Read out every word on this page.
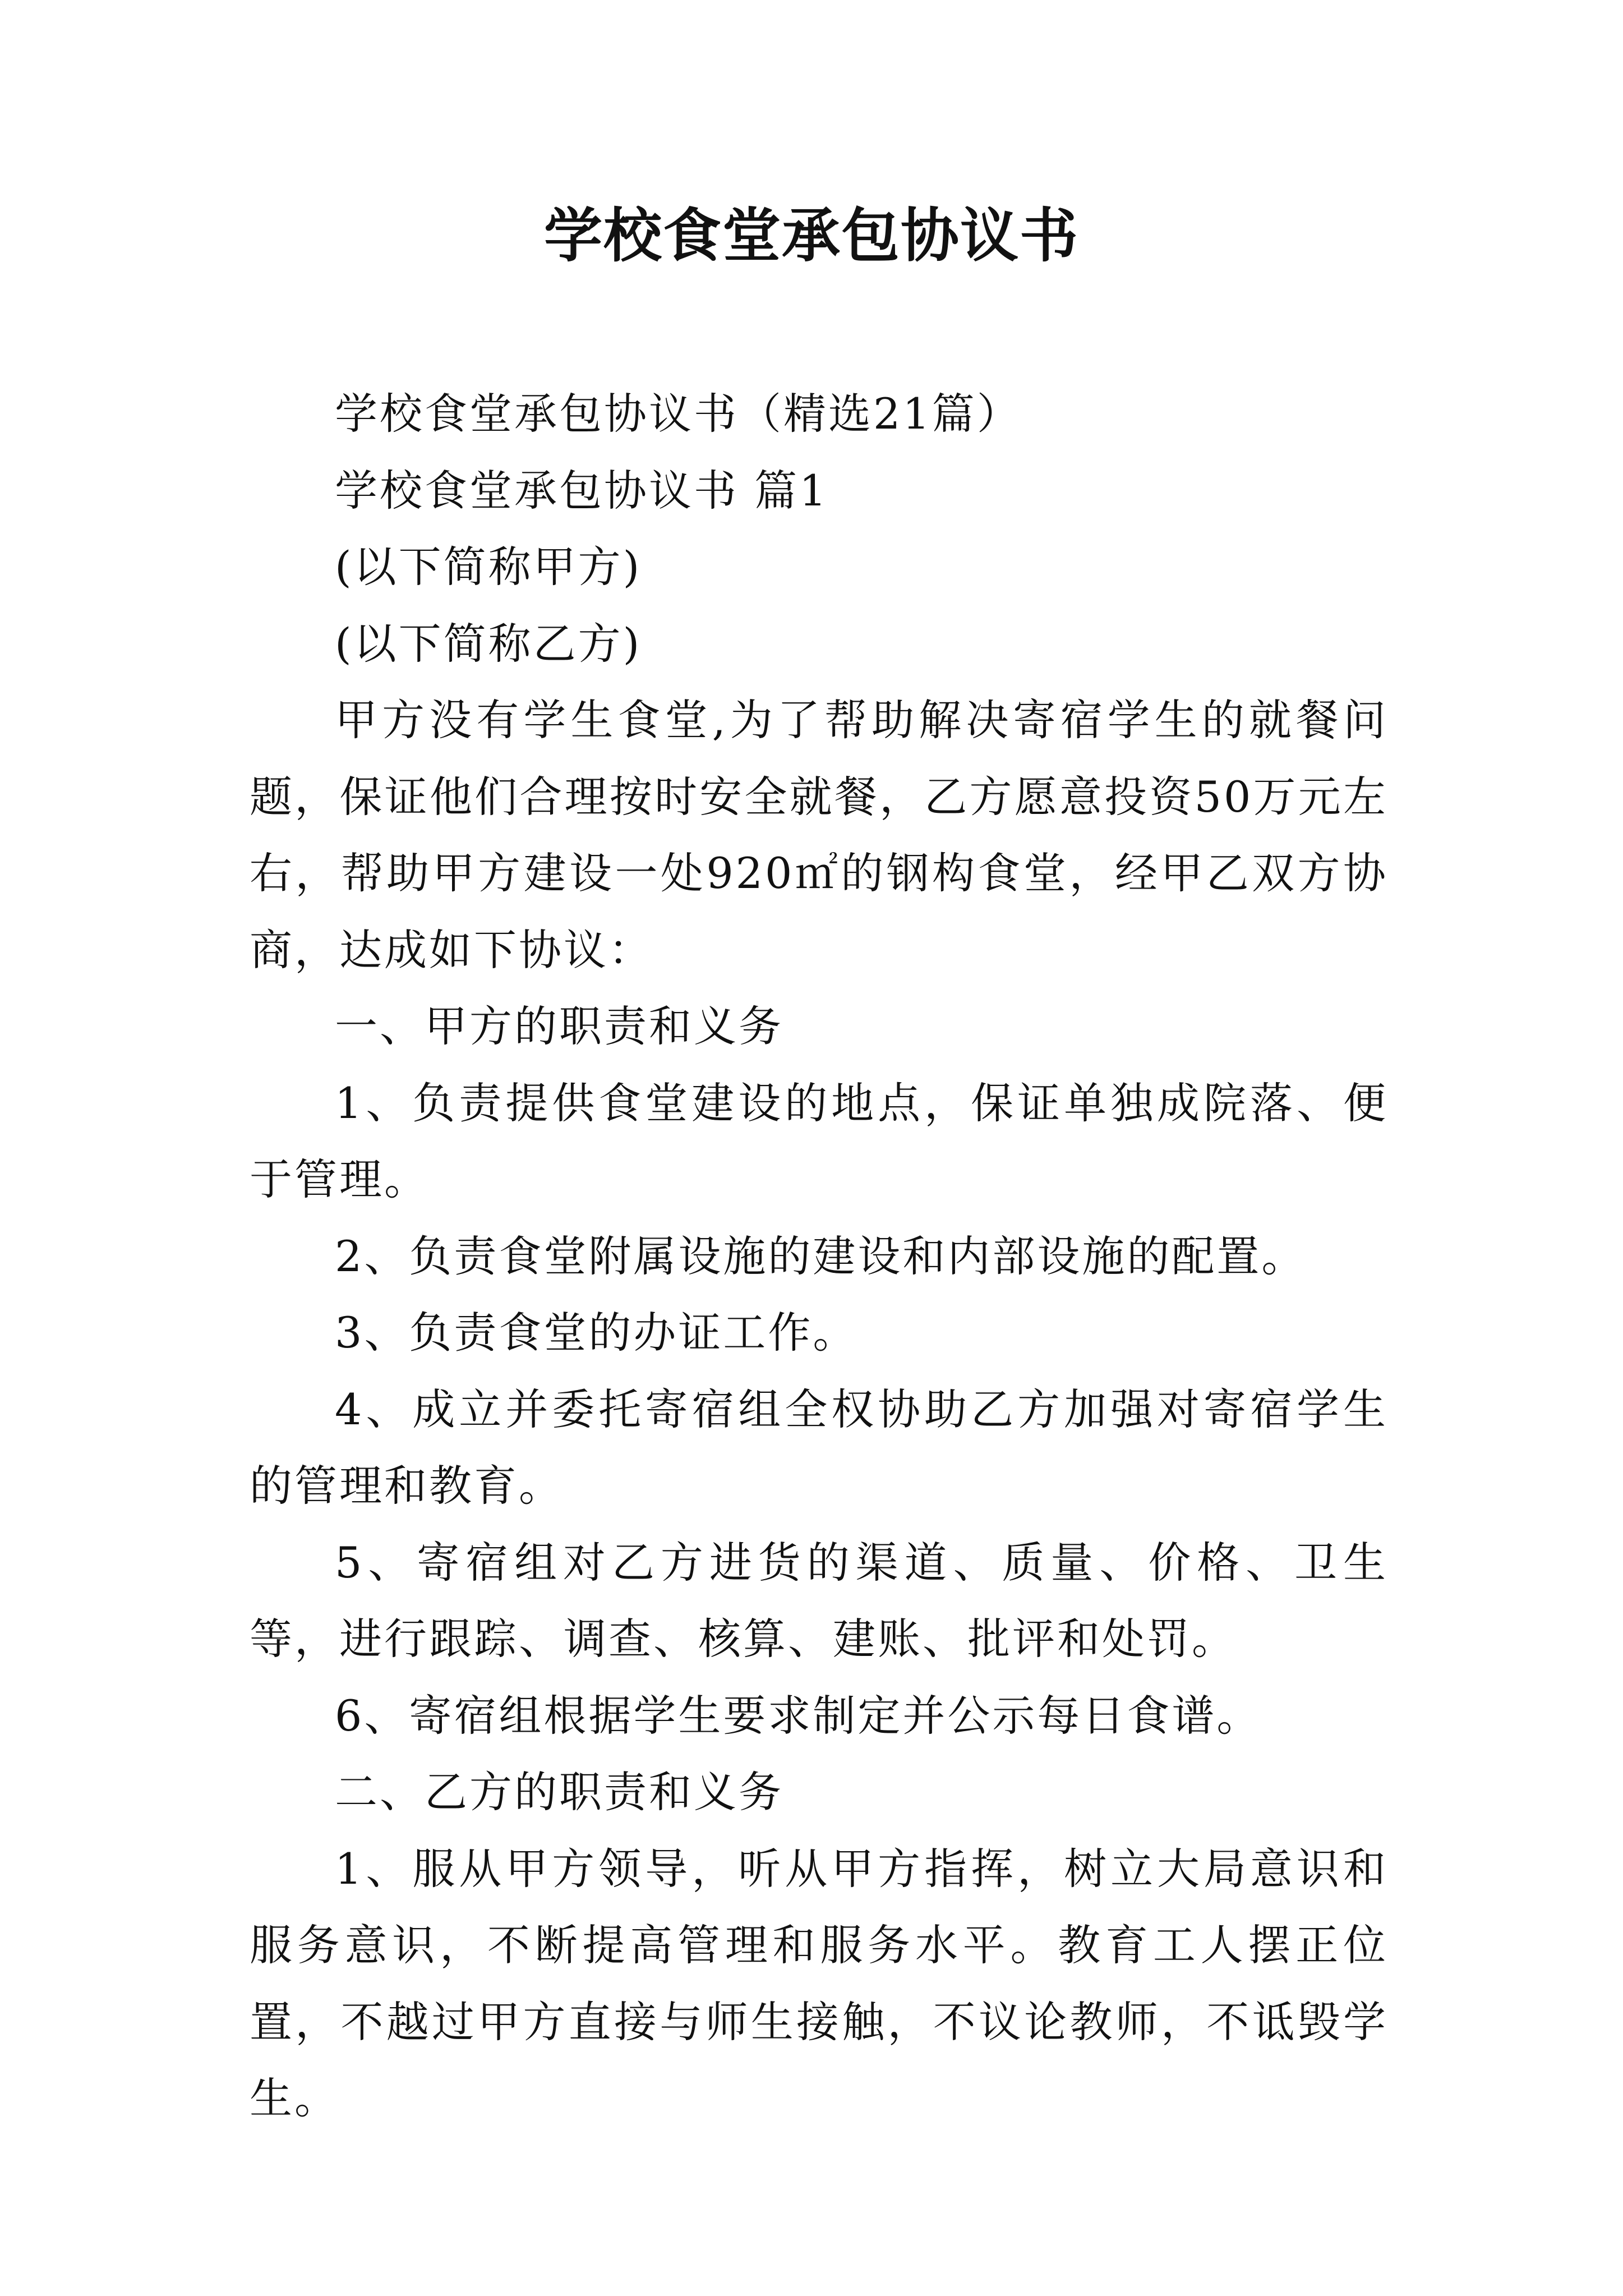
学校食堂承包协议书

学校食堂承包协议书（精选21篇）

学校食堂承包协议书 篇1

(以下简称甲方)

(以下简称乙方)

甲方没有学生食堂,为了帮助解决寄宿学生的就餐问题，保证他们合理按时安全就餐，乙方愿意投资50万元左右，帮助甲方建设一处920㎡的钢构食堂，经甲乙双方协商，达成如下协议：

一、甲方的职责和义务

1、负责提供食堂建设的地点，保证单独成院落、便于管理。

2、负责食堂附属设施的建设和内部设施的配置。

3、负责食堂的办证工作。

4、成立并委托寄宿组全权协助乙方加强对寄宿学生的管理和教育。

5、寄宿组对乙方进货的渠道、质量、价格、卫生等，进行跟踪、调查、核算、建账、批评和处罚。

6、寄宿组根据学生要求制定并公示每日食谱。

二、乙方的职责和义务

1、服从甲方领导，听从甲方指挥，树立大局意识和服务意识，不断提高管理和服务水平。教育工人摆正位置，不越过甲方直接与师生接触，不议论教师，不诋毁学生。
